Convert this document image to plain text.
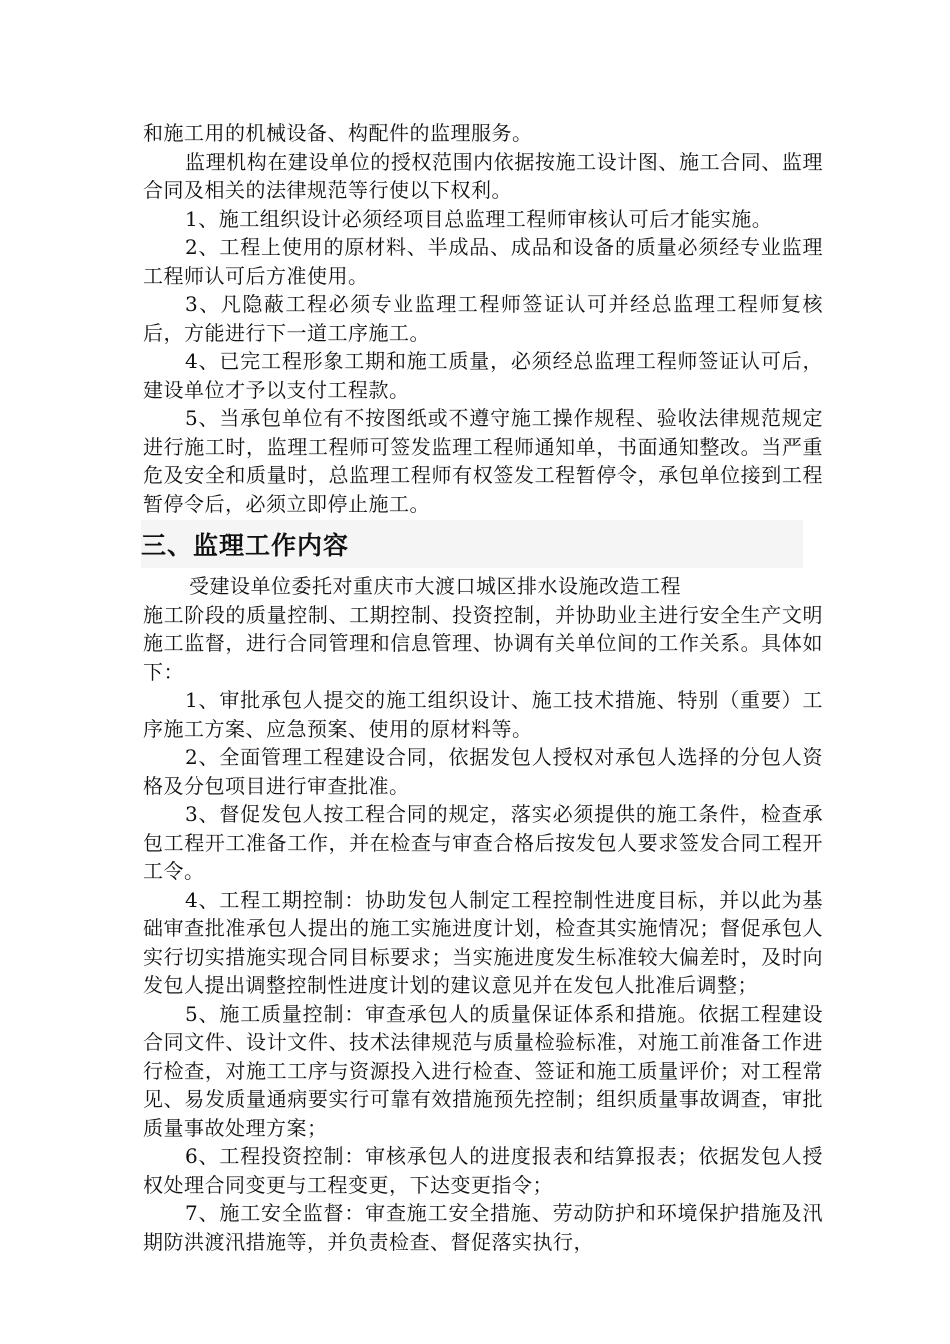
和施工用的机械设备、构配件的监理服务。

监理机构在建设单位的授权范围内依据按施工设计图、施工合同、监理合同及相关的法律规范等行使以下权利。

1、施工组织设计必须经项目总监理工程师审核认可后才能实施。

2、工程上使用的原材料、半成品、成品和设备的质量必须经专业监理工程师认可后方准使用。

3、凡隐蔽工程必须专业监理工程师签证认可并经总监理工程师复核后，方能进行下一道工序施工。

4、已完工程形象工期和施工质量，必须经总监理工程师签证认可后，建设单位才予以支付工程款。

5、当承包单位有不按图纸或不遵守施工操作规程、验收法律规范规定进行施工时，监理工程师可签发监理工程师通知单，书面通知整改。当严重危及安全和质量时，总监理工程师有权签发工程暂停令，承包单位接到工程暂停令后，必须立即停止施工。

三、监理工作内容

受建设单位委托对重庆市大渡口城区排水设施改造工程

施工阶段的质量控制、工期控制、投资控制，并协助业主进行安全生产文明施工监督，进行合同管理和信息管理、协调有关单位间的工作关系。具体如下：

1、审批承包人提交的施工组织设计、施工技术措施、特别（重要）工序施工方案、应急预案、使用的原材料等。

2、全面管理工程建设合同，依据发包人授权对承包人选择的分包人资格及分包项目进行审查批准。

3、督促发包人按工程合同的规定，落实必须提供的施工条件，检查承包工程开工准备工作，并在检查与审查合格后按发包人要求签发合同工程开工令。

4、工程工期控制：协助发包人制定工程控制性进度目标，并以此为基础审查批准承包人提出的施工实施进度计划，检查其实施情况；督促承包人实行切实措施实现合同目标要求；当实施进度发生标准较大偏差时，及时向发包人提出调整控制性进度计划的建议意见并在发包人批准后调整；

5、施工质量控制：审查承包人的质量保证体系和措施。依据工程建设合同文件、设计文件、技术法律规范与质量检验标准，对施工前准备工作进行检查，对施工工序与资源投入进行检查、签证和施工质量评价；对工程常见、易发质量通病要实行可靠有效措施预先控制；组织质量事故调查，审批质量事故处理方案；

6、工程投资控制：审核承包人的进度报表和结算报表；依据发包人授权处理合同变更与工程变更，下达变更指令；

7、施工安全监督：审查施工安全措施、劳动防护和环境保护措施及汛期防洪渡汛措施等，并负责检查、督促落实执行，
